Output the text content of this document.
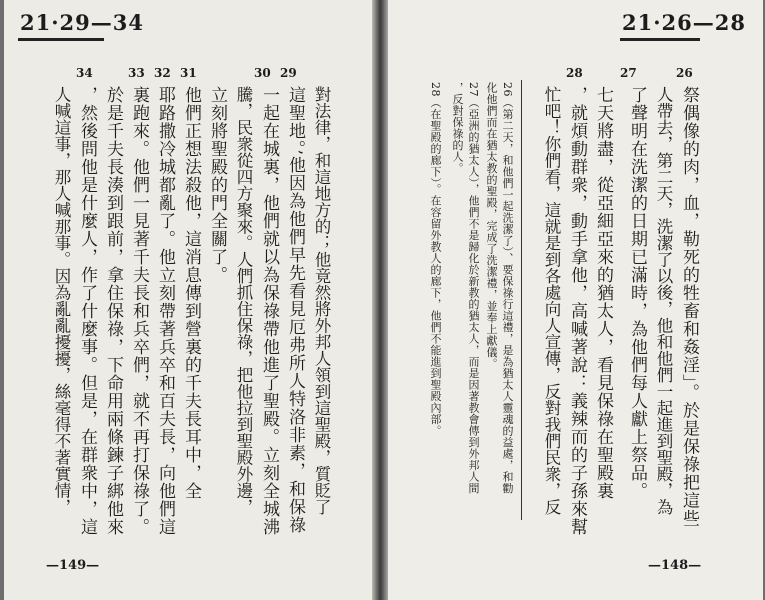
21·29—34
34	33 32 31	30 29
對法律，和這地方的；他竟然將外邦人領到這聖殿，質貶了
這聖地。’他因為他們早先看見厄弗所人特洛非素，和保祿
一起在城裏，他們就以為保祿帶他進了聖殿。立刻全城沸
騰，民衆從四方聚來。人們抓住保祿，把他拉到聖殿外邊，
立刻將聖殿的門全關了。
他們正想法殺他，這消息傳到營裏的千夫長耳中，全
耶路撒冷城都亂了。他立刻帶著兵卒和百夫長，向他們這
裏跑來。他們一見著千夫長和兵卒們，就不再打保祿了。
於是千夫長湊到跟前，拿住保祿，下命用兩條鍊子綁他來
，然後問他是什麼人，作了什麼事。但是，在群衆中，這
人喊這事，那人喊那事。因為亂亂擾擾，絲毫得不著實情，
—149—
21·26—28
28	27	26
祭偶像的肉，血，勒死的牲畜和姦淫」。於是保祿把這些
人帶去，第二天，洗潔了以後，他和他們一起進到聖殿，為
了聲明在洗潔的日期已滿時，為他們每人獻上祭品。
七天將盡，從亞細亞來的猶太人，看見保祿在聖殿裏
，就煩動群衆，動手拿他，高喊著說：義辣而的子孫來幫
忙吧！你們看，這就是到各處向人宣傳，反對我們民衆，反
26（第二天，和他們一起洗潔了）、要保祿行這禮，是為猶太人靈魂的益處，和勸
化他們而在猶太教的聖殿，完成了洗潔禮，並奉上獻儀。
27（亞洲的猶太人），他們不是歸化於新教的猶太人，而是因著教會傳到外邦人間
，反對保祿的人。
28（在聖殿的廊下）。在容留外教人的廊下，他們不能進到聖殿內部。
—148—
